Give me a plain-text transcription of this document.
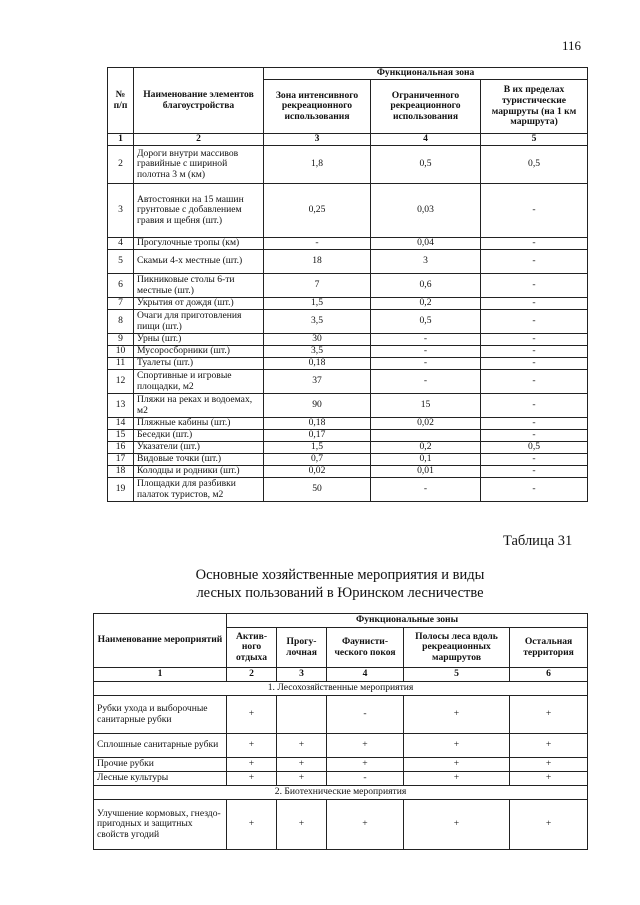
116
№ п/п	Наименование элементов благоустройства	Функциональная зона		
		Зона интенсивного рекреационного использования	Ограниченного рекреационного использования	В их пределах туристические маршруты (на 1 км маршрута)
1	2	3	4	5
2	Дороги внутри массивов гравийные с шириной полотна 3 м (км)	1,8	0,5	0,5
3	Автостоянки на 15 машин грунтовые с добавлением гравия и щебня (шт.)	0,25	0,03	-
4	Прогулочные тропы (км)	-	0,04	-
5	Скамьи 4-х местные (шт.)	18	3	-
6	Пикниковые столы 6-ти местные (шт.)	7	0,6	-
7	Укрытия от дождя (шт.)	1,5	0,2	-
8	Очаги для приготовления пищи (шт.)	3,5	0,5	-
9	Урны (шт.)	30	-	-
10	Мусоросборники (шт.)	3,5	-	-
11	Туалеты (шт.)	0,18	-	-
12	Спортивные и игровые площадки, м2	37	-	-
13	Пляжи на реках и водоемах, м2	90	15	-
14	Пляжные кабины (шт.)	0,18	0,02	-
15	Беседки (шт.)	0,17		-
16	Указатели (шт.)	1,5	0,2	0,5
17	Видовые точки (шт.)	0,7	0,1	-
18	Колодцы и родники (шт.)	0,02	0,01	-
19	Площадки для разбивки палаток туристов, м2	50	-	-
Таблица 31
Основные хозяйственные мероприятия и виды
лесных пользований в Юринском лесничестве
Наименование мероприятий	Функциональные зоны				
	Актив-ного отдыха	Прогу-лочная	Фаунисти-ческого покоя	Полосы леса вдоль рекреационных маршрутов	Остальная территория
1	2	3	4	5	6
1. Лесохозяйственные мероприятия					
Рубки ухода и выборочные санитарные рубки	+		-	+	+
Сплошные санитарные рубки	+	+	+	+	+
Прочие рубки	+	+	+	+	+
Лесные культуры	+	+	-	+	+
2. Биотехнические мероприятия					
Улучшение кормовых, гнездо-пригодных и защитных свойств угодий	+	+	+	+	+
